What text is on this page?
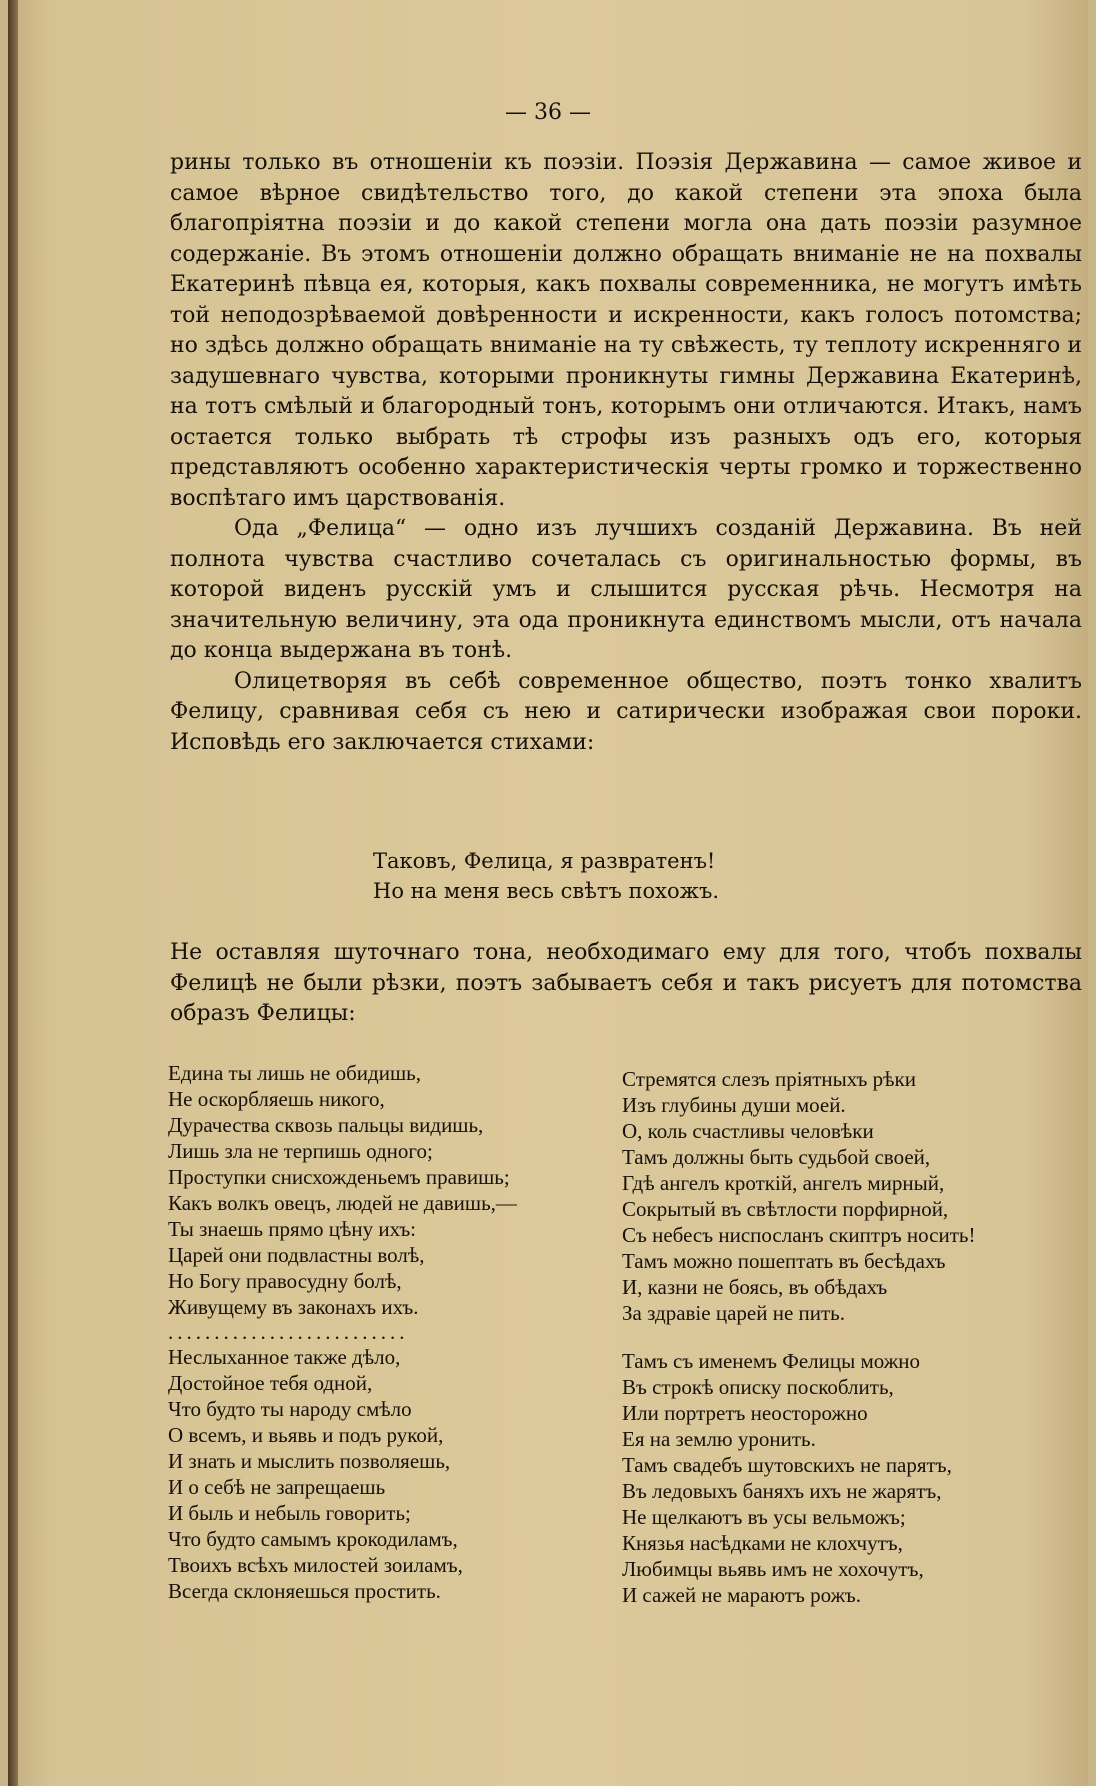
— 36 —

рины только въ отношеніи къ поэзіи. Поэзія Державина — самое живое и самое вѣрное свидѣтельство того, до какой степени эта эпоха была благопріятна поэзіи и до какой степени могла она дать поэзіи разумное содержаніе. Въ этомъ отношеніи должно обращать вниманіе не на похвалы Екатеринѣ пѣвца ея, которыя, какъ похвалы современника, не могутъ имѣть той неподозрѣваемой довѣренности и искренности, какъ голосъ потомства; но здѣсь должно обращать вниманіе на ту свѣжесть, ту теплоту искренняго и задушевнаго чувства, которыми проникнуты гимны Державина Екатеринѣ, на тотъ смѣлый и благородный тонъ, которымъ они отличаются. Итакъ, намъ остается только выбрать тѣ строфы изъ разныхъ одъ его, которыя представляютъ особенно характеристическія черты громко и торжественно воспѣтаго имъ царствованія.

Ода „Фелица“ — одно изъ лучшихъ созданій Державина. Въ ней полнота чувства счастливо сочеталась съ оригинальностью формы, въ которой виденъ русскій умъ и слышится русская рѣчь. Несмотря на значительную величину, эта ода проникнута единствомъ мысли, отъ начала до конца выдержана въ тонѣ.

Олицетворяя въ себѣ современное общество, поэтъ тонко хвалитъ Фелицу, сравнивая себя съ нею и сатирически изображая свои пороки. Исповѣдь его заключается стихами:

Таковъ, Фелица, я развратенъ!
Но на меня весь свѣтъ похожъ.

Не оставляя шуточнаго тона, необходимаго ему для того, чтобъ похвалы Фелицѣ не были рѣзки, поэтъ забываетъ себя и такъ рисуетъ для потомства образъ Фелицы:

Едина ты лишь не обидишь,
Не оскорбляешь никого,
Дурачества сквозь пальцы видишь,
Лишь зла не терпишь одного;
Проступки снисхожденьемъ правишь;
Какъ волкъ овецъ, людей не давишь,—
Ты знаешь прямо цѣну ихъ:
Царей они подвластны волѣ,
Но Богу правосудну болѣ,
Живущему въ законахъ ихъ.
..........................
Неслыханное также дѣло,
Достойное тебя одной,
Что будто ты народу смѣло
О всемъ, и вьявь и подъ рукой,
И знать и мыслить позволяешь,
И о себѣ не запрещаешь
И быль и небыль говорить;
Что будто самымъ крокодиламъ,
Твоихъ всѣхъ милостей зоиламъ,
Всегда склоняешься простить.
Стремятся слезъ пріятныхъ рѣки
Изъ глубины души моей.
О, коль счастливы человѣки
Тамъ должны быть судьбой своей,
Гдѣ ангелъ кроткій, ангелъ мирный,
Сокрытый въ свѣтлости порфирной,
Съ небесъ ниспосланъ скиптръ носить!
Тамъ можно пошептать въ бесѣдахъ
И, казни не боясь, въ обѣдахъ
За здравіе царей не пить.
Тамъ съ именемъ Фелицы можно
Въ строкѣ описку поскоблить,
Или портретъ неосторожно
Ея на землю уронить.
Тамъ свадебъ шутовскихъ не парятъ,
Въ ледовыхъ баняхъ ихъ не жарятъ,
Не щелкаютъ въ усы вельможъ;
Князья насѣдками не клохчутъ,
Любимцы вьявь имъ не хохочутъ,
И сажей не мараютъ рожъ.
